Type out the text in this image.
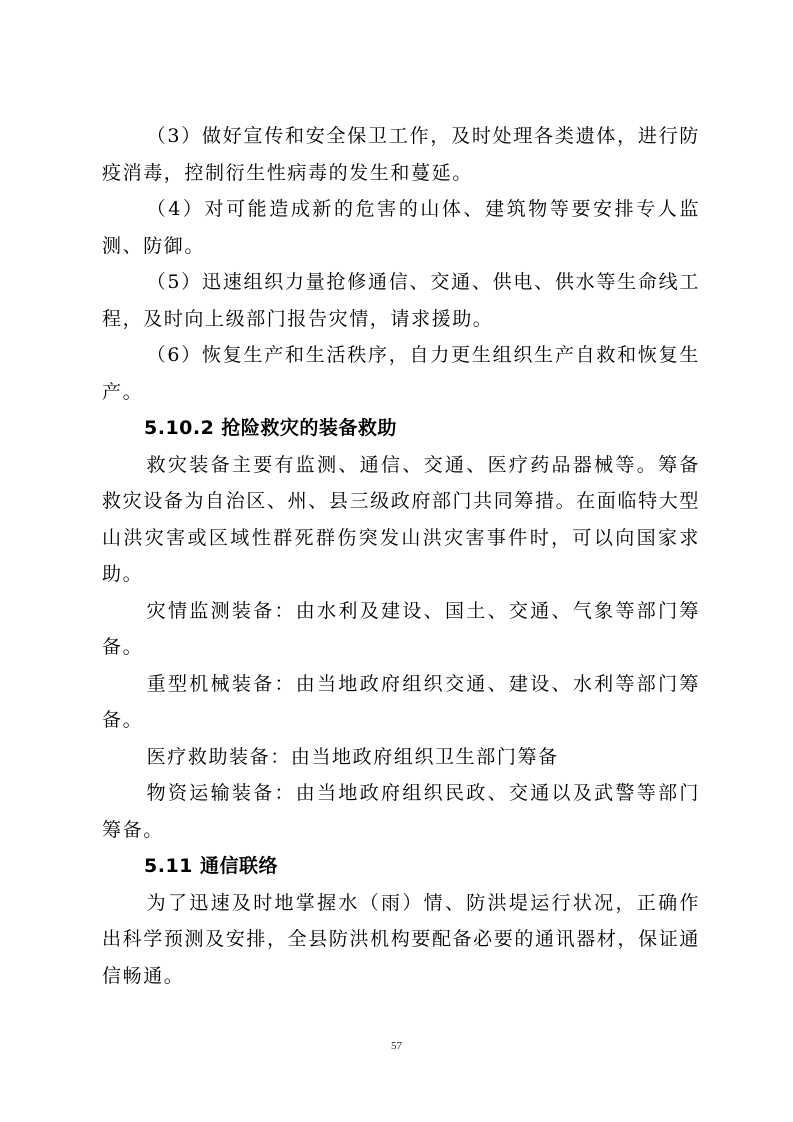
（3）做好宣传和安全保卫工作，及时处理各类遗体，进行防疫消毒，控制衍生性病毒的发生和蔓延。

（4）对可能造成新的危害的山体、建筑物等要安排专人监测、防御。

（5）迅速组织力量抢修通信、交通、供电、供水等生命线工程，及时向上级部门报告灾情，请求援助。

（6）恢复生产和生活秩序，自力更生组织生产自救和恢复生产。

5.10.2 抢险救灾的装备救助

救灾装备主要有监测、通信、交通、医疗药品器械等。筹备救灾设备为自治区、州、县三级政府部门共同筹措。在面临特大型山洪灾害或区域性群死群伤突发山洪灾害事件时，可以向国家求助。

灾情监测装备：由水利及建设、国土、交通、气象等部门筹备。

重型机械装备：由当地政府组织交通、建设、水利等部门筹备。

医疗救助装备：由当地政府组织卫生部门筹备

物资运输装备：由当地政府组织民政、交通以及武警等部门筹备。

5.11 通信联络

为了迅速及时地掌握水（雨）情、防洪堤运行状况，正确作出科学预测及安排，全县防洪机构要配备必要的通讯器材，保证通信畅通。

57
